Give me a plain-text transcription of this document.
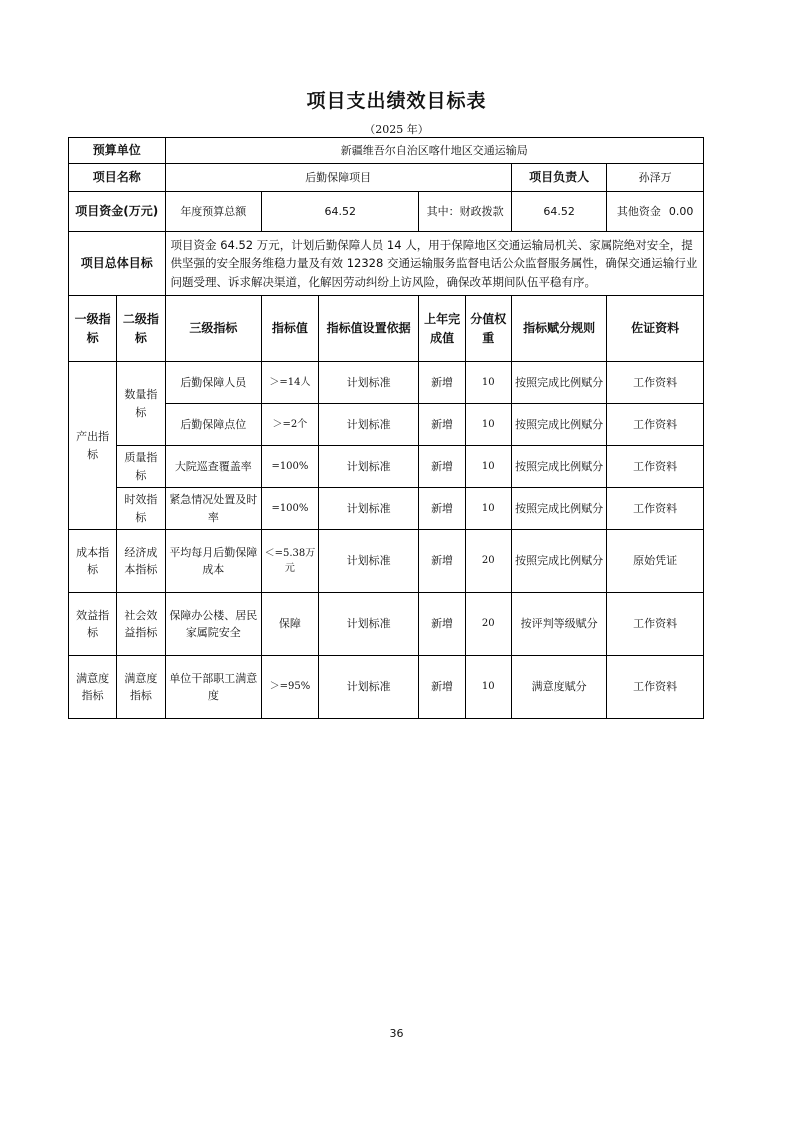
项目支出绩效目标表
（2025 年）
预算单位		新疆维吾尔自治区喀什地区交通运输局						
项目名称		后勤保障项目					项目负责人	孙泽万
项目资金(万元)		年度预算总额	64.52		其中：财政拨款		64.52	其他资金 0.00
项目总体目标		项目资金 64.52 万元，计划后勤保障人员 14 人，用于保障地区交通运输局机关、家属院绝对安全，提供坚强的安全服务维稳力量及有效 12328 交通运输服务监督电话公众监督服务属性，确保交通运输行业问题受理、诉求解决渠道，化解因劳动纠纷上访风险，确保改革期间队伍平稳有序。						
一级指标	二级指标	三级指标	指标值	指标值设置依据	上年完成值	分值权重	指标赋分规则	佐证资料
产出指标	数量指标	后勤保障人员	＞=14人	计划标准	新增	10	按照完成比例赋分	工作资料
		后勤保障点位	＞=2个	计划标准	新增	10	按照完成比例赋分	工作资料
	质量指标	大院巡查覆盖率	=100%	计划标准	新增	10	按照完成比例赋分	工作资料
	时效指标	紧急情况处置及时率	=100%	计划标准	新增	10	按照完成比例赋分	工作资料
成本指标	经济成本指标	平均每月后勤保障成本	＜=5.38万元	计划标准	新增	20	按照完成比例赋分	原始凭证
效益指标	社会效益指标	保障办公楼、居民家属院安全	保障	计划标准	新增	20	按评判等级赋分	工作资料
满意度指标	满意度指标	单位干部职工满意度	＞=95%	计划标准	新增	10	满意度赋分	工作资料
36
